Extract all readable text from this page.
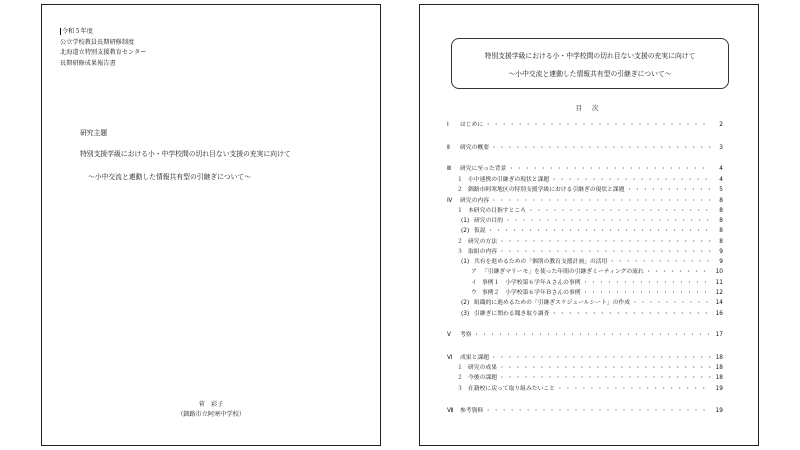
令和５年度
公立学校教員長期研修制度
北海道立特別支援教育センター
長期研修成果報告書
研究主題
特別支援学級における小・中学校間の切れ目ない支援の充実に向けて
～小中交流と連動した情報共有型の引継ぎについて～
菅　彩子
（釧路市立阿寒中学校）
特別支援学級における小・中学校間の切れ目ない支援の充実に向けて
～小中交流と連動した情報共有型の引継ぎについて～
目 次
Ⅰ	はじめに ・・・・・・・・・・・・・・・・・・・・・・・・・・・・・・・・・・・・・・・・・・・・・・・・・・・・・・・・・・・・・・・・・・・・・・・・・・	2
Ⅱ	研究の概要 ・・・・・・・・・・・・・・・・・・・・・・・・・・・・・・・・・・・・・・・・・・・・・・・・・・・・・・・・・・・・・・・・・・・・・・・・・・	3
Ⅲ	研究に至った背景 ・・・・・・・・・・・・・・・・・・・・・・・・・・・・・・・・・・・・・・・・・・・・・・・・・・・・・・・・・・・・・・・・・・・・・・・・・・	4
１ 小中連携の引継ぎの現状と課題 ・・・・・・・・・・・・・・・・・・・・・・・・・・・・・・・・・・・・・・・・・・・・・・・・・・・・・・・・・・・・・・・・・・・・・・・・・・	4
２ 釧路市阿寒地区の特別支援学級における引継ぎの現状と課題 ・・・・・・・・・・・・・・・・・・・・・・・・・・・・・・・・・・・・・・・・・・・・・・・・・・・・・・・・・・・・・・・・・・・・・・・・・・	5
Ⅳ	研究の内容 ・・・・・・・・・・・・・・・・・・・・・・・・・・・・・・・・・・・・・・・・・・・・・・・・・・・・・・・・・・・・・・・・・・・・・・・・・・	8
１ 本研究の目指すところ ・・・・・・・・・・・・・・・・・・・・・・・・・・・・・・・・・・・・・・・・・・・・・・・・・・・・・・・・・・・・・・・・・・・・・・・・・・	8
(1) 研究の目的 ・・・・・・・・・・・・・・・・・・・・・・・・・・・・・・・・・・・・・・・・・・・・・・・・・・・・・・・・・・・・・・・・・・・・・・・・・・	8
(2) 仮説 ・・・・・・・・・・・・・・・・・・・・・・・・・・・・・・・・・・・・・・・・・・・・・・・・・・・・・・・・・・・・・・・・・・・・・・・・・・	8
２ 研究の方法 ・・・・・・・・・・・・・・・・・・・・・・・・・・・・・・・・・・・・・・・・・・・・・・・・・・・・・・・・・・・・・・・・・・・・・・・・・・	8
３ 取組の内容 ・・・・・・・・・・・・・・・・・・・・・・・・・・・・・・・・・・・・・・・・・・・・・・・・・・・・・・・・・・・・・・・・・・・・・・・・・・	9
(1) 共有を進めるための「個別の教育支援計画」の活用 ・・・・・・・・・・・・・・・・・・・・・・・・・・・・・・・・・・・・・・・・・・・・・・・・・・・・・・・・・・・・・・・・・・・・・・・・・・	9
ア 「引継ぎマリーモ」を使った年間の引継ぎミーティングの流れ ・・・・・・・・・・・・・・・・・・・・・・・・・・・・・・・・・・・・・・・・・・・・・・・・・・・・・・・・・・・・・・・・・・・・・・・・・・	10
イ 事例１　小学校第６学年Ａさんの事例 ・・・・・・・・・・・・・・・・・・・・・・・・・・・・・・・・・・・・・・・・・・・・・・・・・・・・・・・・・・・・・・・・・・・・・・・・・・	11
ウ 事例２　小学校第６学年Ｂさんの事例 ・・・・・・・・・・・・・・・・・・・・・・・・・・・・・・・・・・・・・・・・・・・・・・・・・・・・・・・・・・・・・・・・・・・・・・・・・・	12
(2) 組織的に進めるための「引継ぎスケジュールシート」の作成 ・・・・・・・・・・・・・・・・・・・・・・・・・・・・・・・・・・・・・・・・・・・・・・・・・・・・・・・・・・・・・・・・・・・・・・・・・・	14
(3) 引継ぎに関わる聞き取り調査 ・・・・・・・・・・・・・・・・・・・・・・・・・・・・・・・・・・・・・・・・・・・・・・・・・・・・・・・・・・・・・・・・・・・・・・・・・・	16
Ⅴ	考察 ・・・・・・・・・・・・・・・・・・・・・・・・・・・・・・・・・・・・・・・・・・・・・・・・・・・・・・・・・・・・・・・・・・・・・・・・・・	17
Ⅵ	成果と課題 ・・・・・・・・・・・・・・・・・・・・・・・・・・・・・・・・・・・・・・・・・・・・・・・・・・・・・・・・・・・・・・・・・・・・・・・・・・	18
１ 研究の成果 ・・・・・・・・・・・・・・・・・・・・・・・・・・・・・・・・・・・・・・・・・・・・・・・・・・・・・・・・・・・・・・・・・・・・・・・・・・	18
２ 今後の課題 ・・・・・・・・・・・・・・・・・・・・・・・・・・・・・・・・・・・・・・・・・・・・・・・・・・・・・・・・・・・・・・・・・・・・・・・・・・	18
３ 在籍校に戻って取り組みたいこと ・・・・・・・・・・・・・・・・・・・・・・・・・・・・・・・・・・・・・・・・・・・・・・・・・・・・・・・・・・・・・・・・・・・・・・・・・・	19
Ⅶ	参考資料 ・・・・・・・・・・・・・・・・・・・・・・・・・・・・・・・・・・・・・・・・・・・・・・・・・・・・・・・・・・・・・・・・・・・・・・・・・・	19
